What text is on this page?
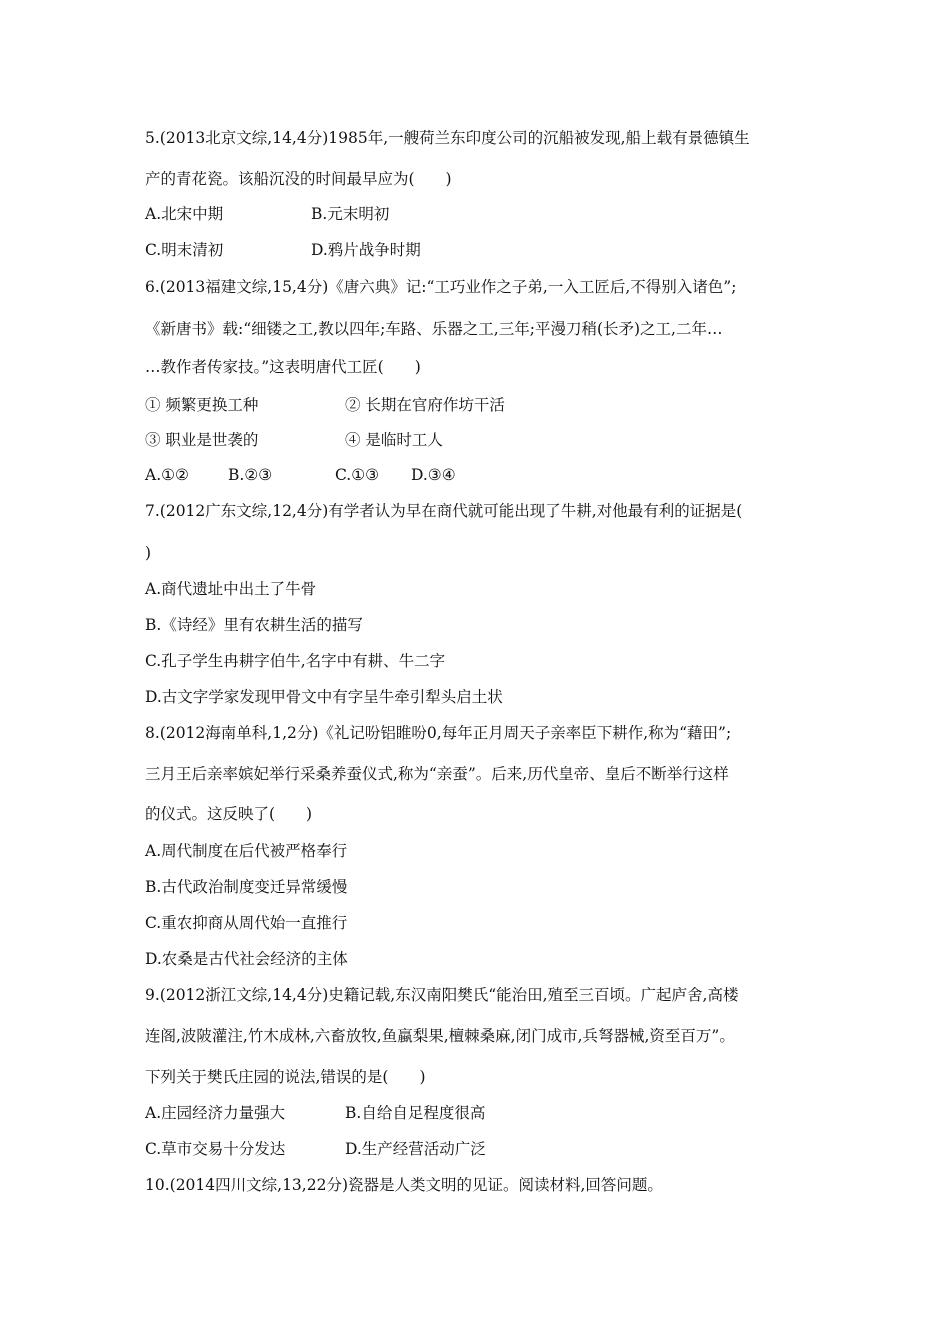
5.(2013北京文综,14,4分)1985年,一艘荷兰东印度公司的沉船被发现,船上载有景德镇生
产的青花瓷。该船沉没的时间最早应为(　　)
A.北宋中期	B.元末明初
C.明末清初	D.鸦片战争时期
6.(2013福建文综,15,4分)《唐六典》记:“工巧业作之子弟,一入工匠后,不得别入诸色”;
《新唐书》载:“细镂之工,教以四年;车路、乐器之工,三年;平漫刀稍(长矛)之工,二年…
…教作者传家技。”这表明唐代工匠(　　)
① 频繁更换工种	② 长期在官府作坊干活
③ 职业是世袭的	④ 是临时工人
A.①②	B.②③	C.①③ D.③④
7.(2012广东文综,12,4分)有学者认为早在商代就可能出现了牛耕,对他最有利的证据是(
)
A.商代遗址中出土了牛骨
B.《诗经》里有农耕生活的描写
C.孔子学生冉耕字伯牛,名字中有耕、牛二字
D.古文字学家发现甲骨文中有字呈牛牵引犁头启土状
8.(2012海南单科,1,2分)《礼记吩铝睢吩0,每年正月周天子亲率臣下耕作,称为“藉田”;
三月王后亲率嫔妃举行采桑养蚕仪式,称为“亲蚕”。后来,历代皇帝、皇后不断举行这样
的仪式。这反映了(　　)
A.周代制度在后代被严格奉行
B.古代政治制度变迁异常缓慢
C.重农抑商从周代始一直推行
D.农桑是古代社会经济的主体
9.(2012浙江文综,14,4分)史籍记载,东汉南阳樊氏“能治田,殖至三百顷。广起庐舍,高楼
连阁,波陂灌注,竹木成林,六畜放牧,鱼蠃梨果,檀棘桑麻,闭门成市,兵弩器械,资至百万”。
下列关于樊氏庄园的说法,错误的是(　　)
A.庄园经济力量强大	B.自给自足程度很高
C.草市交易十分发达	D.生产经营活动广泛
10.(2014四川文综,13,22分)瓷器是人类文明的见证。阅读材料,回答问题。
